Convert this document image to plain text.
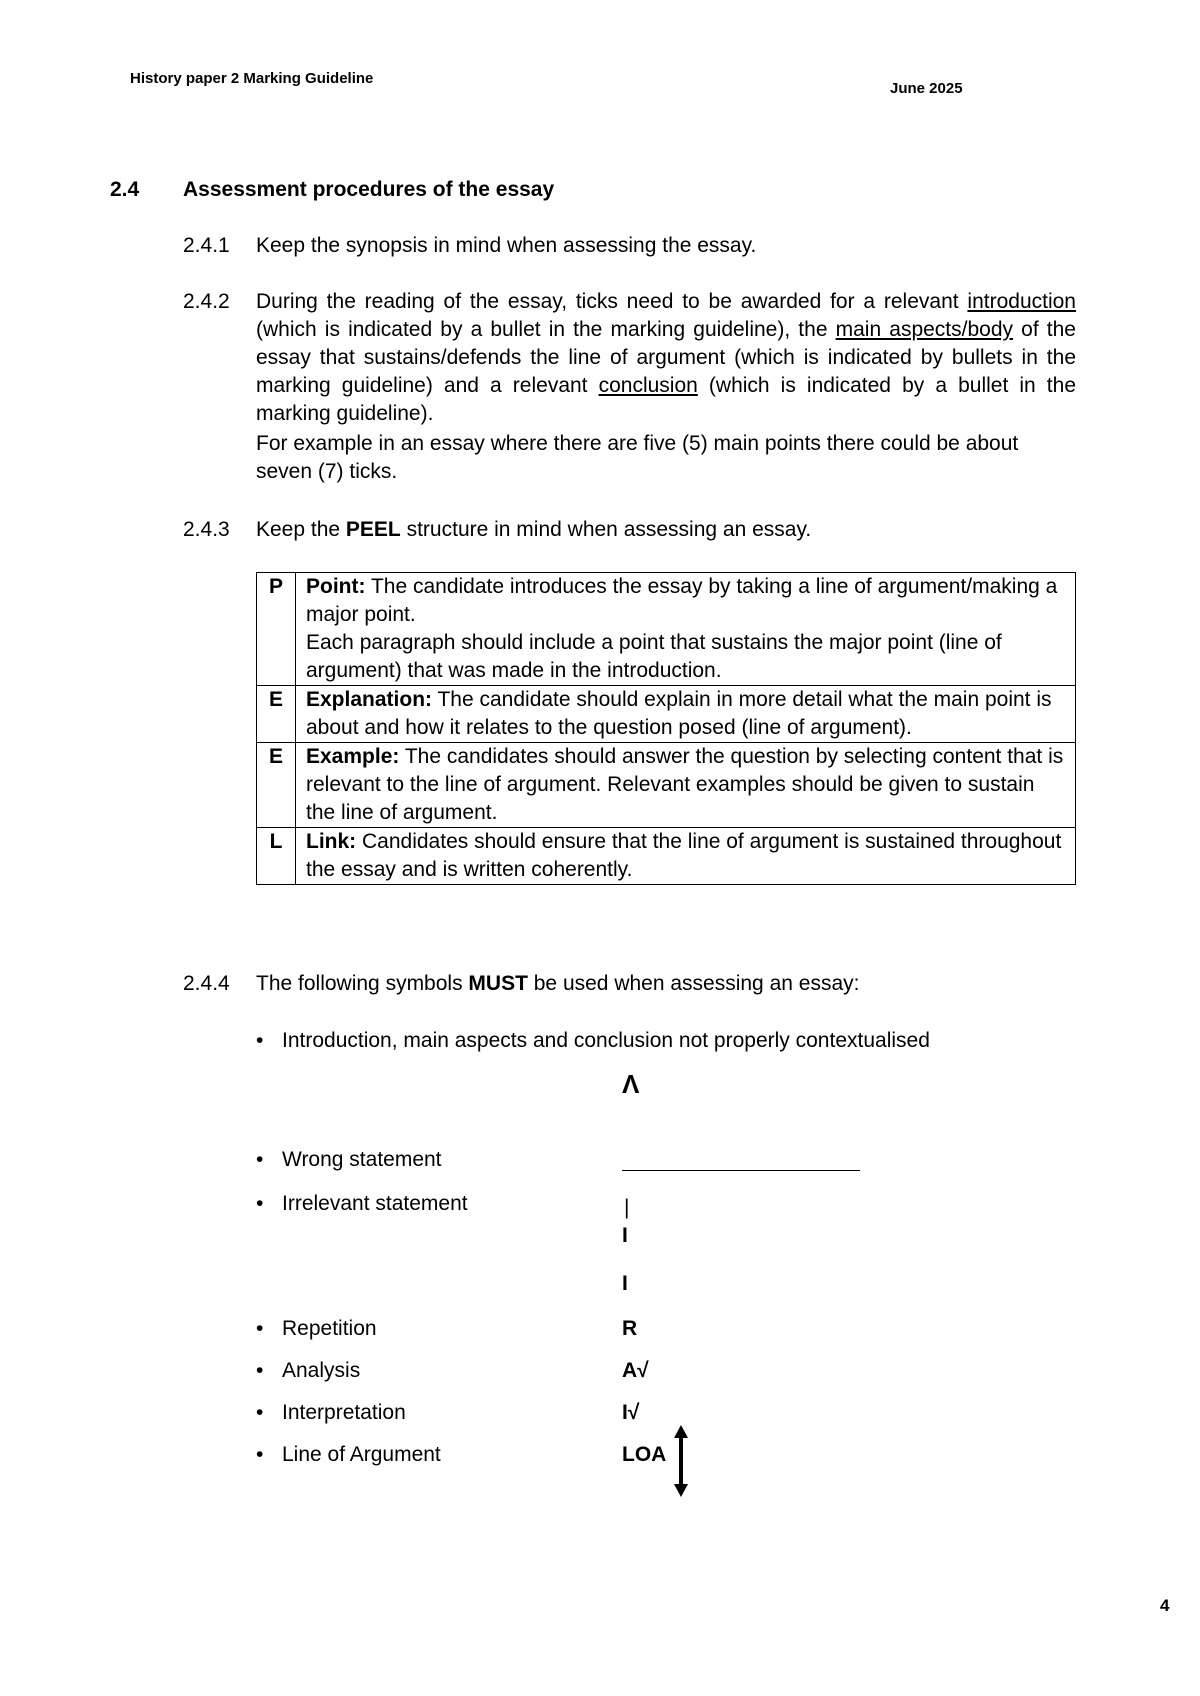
History paper 2 Marking Guideline
June 2025
2.4 Assessment procedures of the essay
2.4.1 Keep the synopsis in mind when assessing the essay.
2.4.2 During the reading of the essay, ticks need to be awarded for a relevant introduction (which is indicated by a bullet in the marking guideline), the main aspects/body of the essay that sustains/defends the line of argument (which is indicated by bullets in the marking guideline) and a relevant conclusion (which is indicated by a bullet in the marking guideline).
For example in an essay where there are five (5) main points there could be about seven (7) ticks.
2.4.3 Keep the PEEL structure in mind when assessing an essay.
P	Point: The candidate introduces the essay by taking a line of argument/making a major point.
Each paragraph should include a point that sustains the major point (line of argument) that was made in the introduction.
E	Explanation: The candidate should explain in more detail what the main point is about and how it relates to the question posed (line of argument).
E	Example: The candidates should answer the question by selecting content that is relevant to the line of argument. Relevant examples should be given to sustain the line of argument.
L	Link: Candidates should ensure that the line of argument is sustained throughout the essay and is written coherently.
2.4.4 The following symbols MUST be used when assessing an essay:
• Introduction, main aspects and conclusion not properly contextualised
Λ
• Wrong statement
• Irrelevant statement	|
I
I
• Repetition	R
• Analysis	A√
• Interpretation	I√
• Line of Argument	LOA
4
